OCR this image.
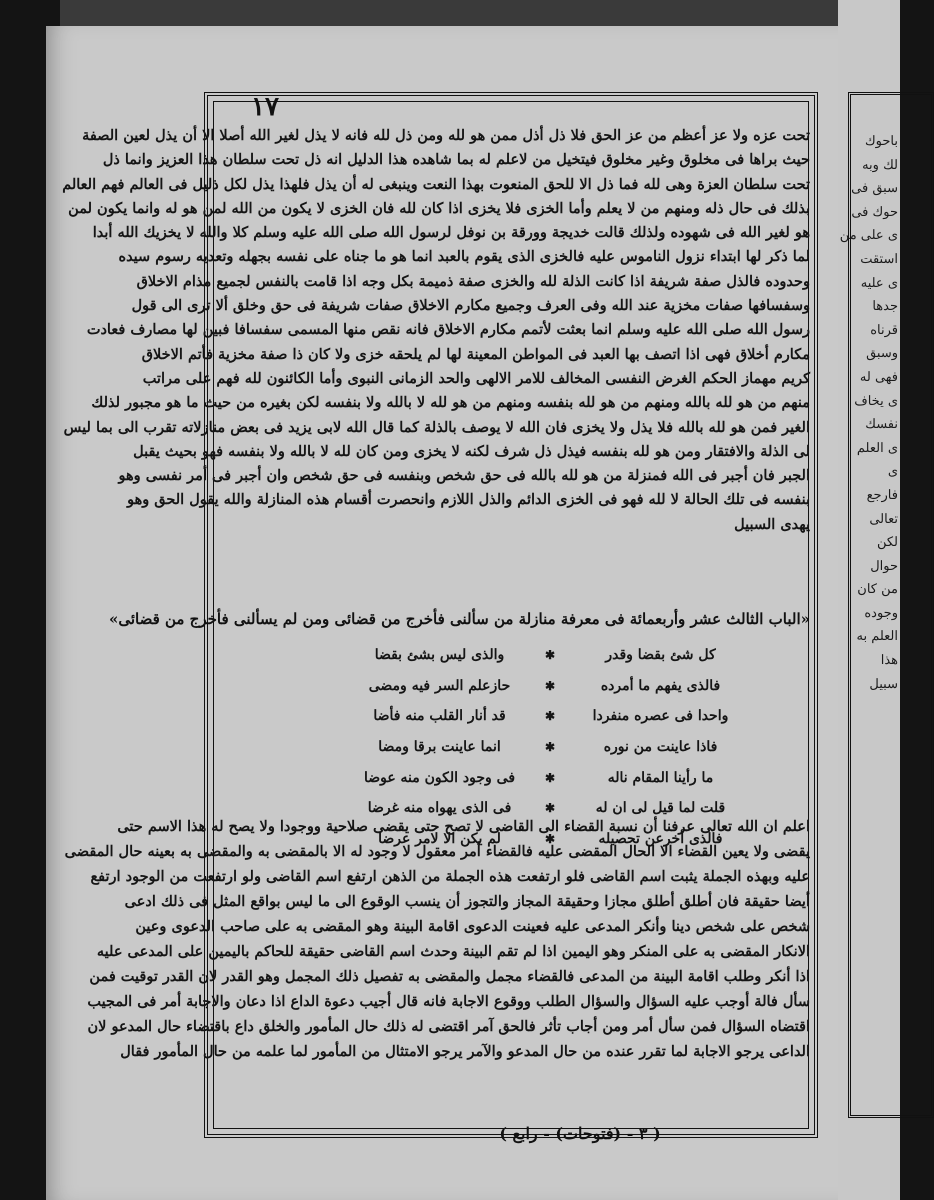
باحوك
لك وبه
سبق فى
حوك فى
ى على من
استقت
ى عليه
جدها
قرناه
وسبق
فهى له
ى يخاف
نفسك
ى العلم
ى
فارجع
تعالى
لكن
حوال
من كان
وجوده
العلم به
هذا
سبيل
١٧
تحت عزه ولا عز أعظم من عز الحق فلا ذل أذل ممن هو لله ومن ذل لله فانه لا يذل لغير الله أصلا الا أن يذل لعين الصفة
حيث براها فى مخلوق وغير مخلوق فيتخيل من لاعلم له بما شاهده هذا الدليل انه ذل تحت سلطان هذا العزيز وانما ذل
تحت سلطان العزة وهى لله فما ذل الا للحق المنعوت بهذا النعت وينبغى له أن يذل فلهذا يذل لكل ذليل فى العالم فهم العالم
بذلك فى حال ذله ومنهم من لا يعلم وأما الخزى فلا يخزى اذا كان لله فان الخزى لا يكون من الله لمن هو له وانما يكون لمن
هو لغير الله فى شهوده ولذلك قالت خديجة وورقة بن نوفل لرسول الله صلى الله عليه وسلم كلا والله لا يخزيك الله أبدا
لما ذكر لها ابتداء نزول الناموس عليه فالخزى الذى يقوم بالعبد انما هو ما جناه على نفسه بجهله وتعديه رسوم سيده
وحدوده فالذل صفة شريفة اذا كانت الذلة لله والخزى صفة ذميمة بكل وجه اذا قامت بالنفس لجميع مذام الاخلاق
وسفسافها صفات مخزية عند الله وفى العرف وجميع مكارم الاخلاق صفات شريفة فى حق وخلق ألا ترى الى قول
رسول الله صلى الله عليه وسلم انما بعثت لأتمم مكارم الاخلاق فانه نقص منها المسمى سفسافا فبين لها مصارف فعادت
مكارم أخلاق فهى اذا اتصف بها العبد فى المواطن المعينة لها لم يلحقه خزى ولا كان ذا صفة مخزية فأتم الاخلاق
كريم مهماز الحكم الغرض النفسى المخالف للامر الالهى والحد الزمانى النبوى وأما الكائنون لله فهم على مراتب
منهم من هو لله بالله ومنهم من هو لله بنفسه ومنهم من هو لله لا بالله ولا بنفسه لكن بغيره من حيث ما هو مجبور لذلك
الغير فمن هو لله بالله فلا يذل ولا يخزى فان الله لا يوصف بالذلة كما قال الله لابى يزيد فى بعض منازلاته تقرب الى بما ليس
لى الذلة والافتقار ومن هو لله بنفسه فيذل ذل شرف لكنه لا يخزى ومن كان لله لا بالله ولا بنفسه فهو بحيث يقبل
الجبر فان أجبر فى الله فمنزلة من هو لله بالله فى حق شخص وبنفسه فى حق شخص وان أجبر فى أمر نفسى وهو
بنفسه فى تلك الحالة لا لله فهو فى الخزى الدائم والذل اللازم وانحصرت أقسام هذه المنازلة والله يقول الحق وهو
يهدى السبيل
«الباب الثالث عشر وأربعمائة فى معرفة منازلة من سألنى فأخرج من قضائى ومن لم يسألنى فأخرج من قضائى»
كل شئ بقضا وقدر
✱
والذى ليس بشئ بقضا
فالذى يفهم ما أمرده
✱
حازعلم السر فيه ومضى
واحدا فى عصره منفردا
✱
قد أنار القلب منه فأضا
فاذا عاينت من نوره
✱
انما عاينت برقا ومضا
ما رأينا المقام ناله
✱
فى وجود الكون منه عوضا
قلت لما قيل لى ان له
✱
فى الذى يهواه منه غرضا
فالذى أخرعن تحصيله
✱
لم يكن الا لامر عرضا
اعلم ان الله تعالى عرفنا أن نسبة القضاء الى القاضى لا تصح حتى يقضى صلاحية ووجودا ولا يصح له هذا الاسم حتى
يقضى ولا يعين القضاء الا الحال المقضى عليه فالقضاء أمر معقول لا وجود له الا بالمقضى به والمقضى به بعينه حال المقضى
عليه وبهذه الجملة يثبت اسم القاضى فلو ارتفعت هذه الجملة من الذهن ارتفع اسم القاضى ولو ارتفعت من الوجود ارتفع
أيضا حقيقة فان أطلق أطلق مجازا وحقيقة المجاز والتجوز أن ينسب الوقوع الى ما ليس بواقع المثل فى ذلك ادعى
شخص على شخص دينا وأنكر المدعى عليه فعينت الدعوى اقامة البينة وهو المقضى به على صاحب الدعوى وعين
الانكار المقضى به على المنكر وهو اليمين اذا لم تقم البينة وحدث اسم القاضى حقيقة للحاكم باليمين على المدعى عليه
اذا أنكر وطلب اقامة البينة من المدعى فالقضاء مجمل والمقضى به تفصيل ذلك المجمل وهو القدر لان القدر توقيت فمن
سأل فالة أوجب عليه السؤال والسؤال الطلب ووقوع الاجابة فانه قال أجيب دعوة الداع اذا دعان والاجابة أمر فى المجيب
اقتضاه السؤال فمن سأل أمر ومن أجاب تأثر فالحق آمر اقتضى له ذلك حال المأمور والخلق داع باقتضاء حال المدعو لان
الداعى يرجو الاجابة لما تقرر عنده من حال المدعو والآمر يرجو الامتثال من المأمور لما علمه من حال المأمور فقال
( ٣ - (فتوحات) - رابع )
